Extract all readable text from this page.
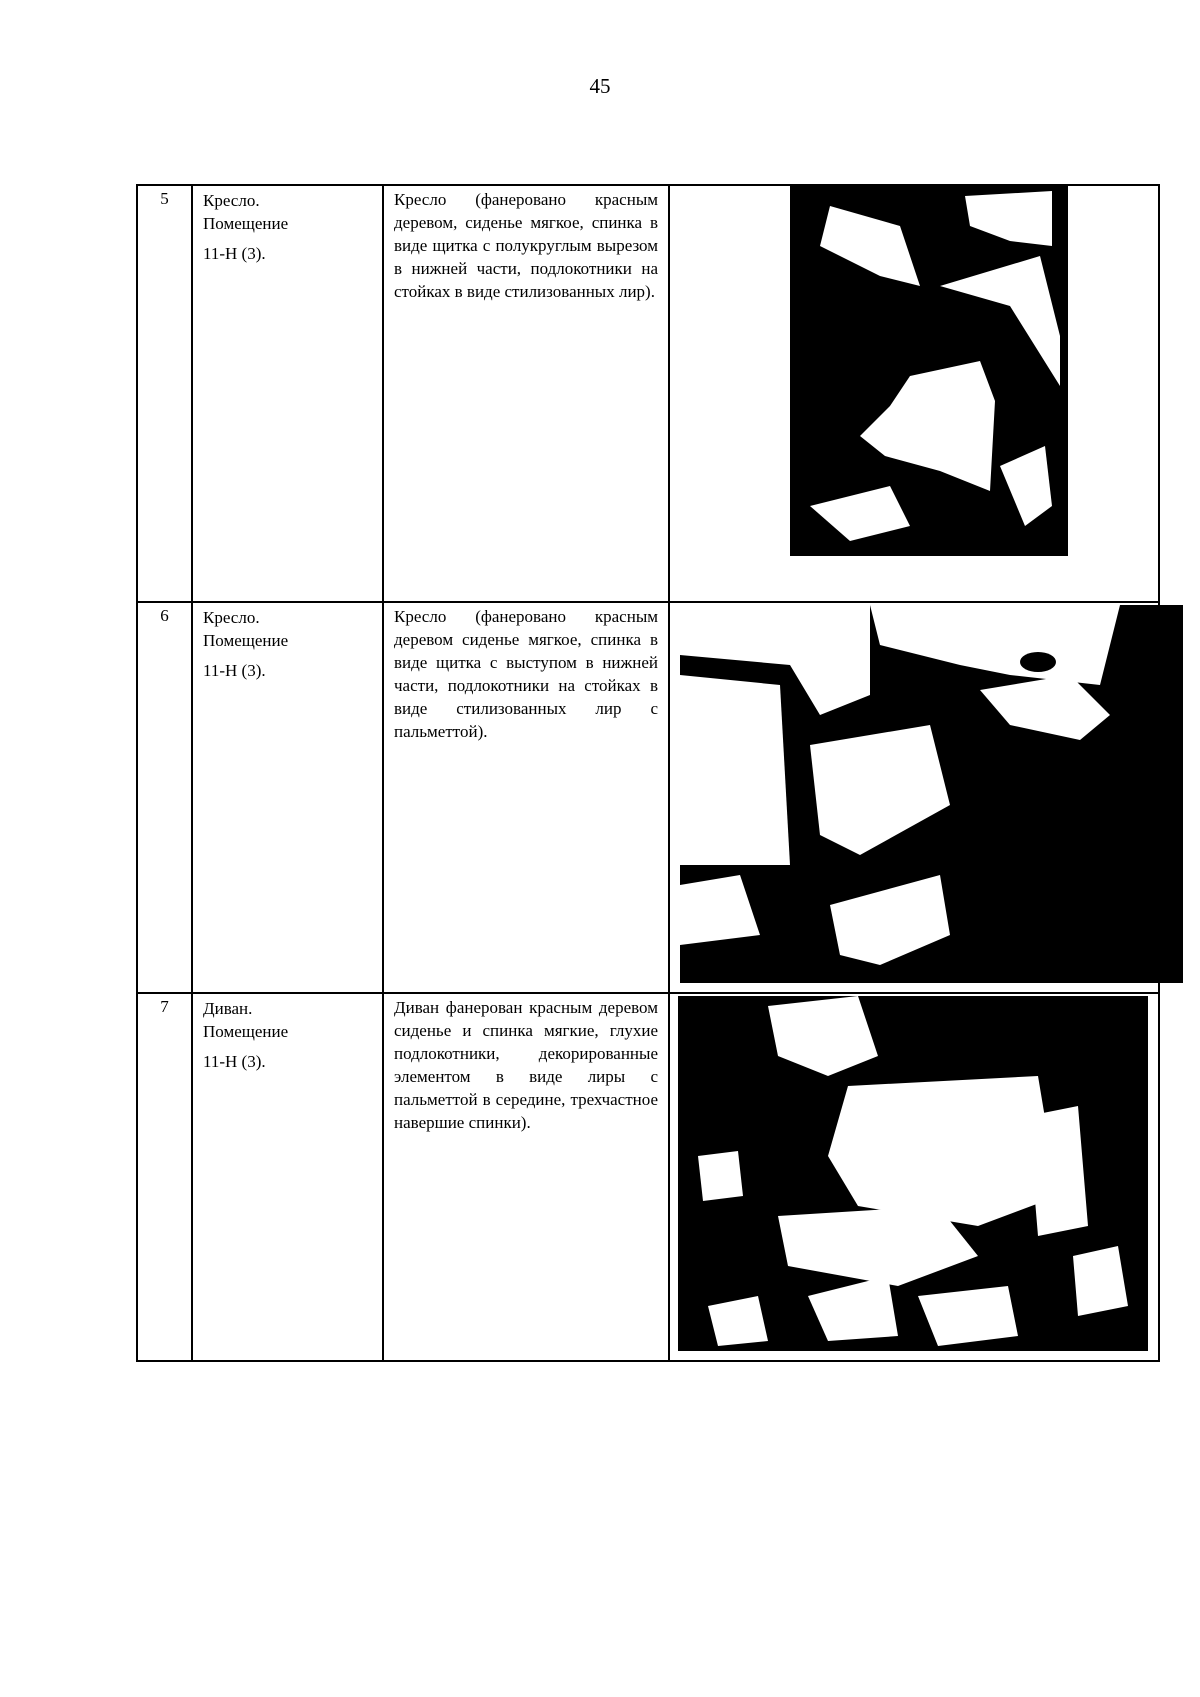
45
5	Кресло.
Помещение
11-Н (3).	Кресло (фанеровано красным деревом, сиденье мягкое, спинка в виде щитка с полукруглым вырезом в нижней части, подлокотники на стойках в виде стилизованных лир).

6	Кресло.
Помещение
11-Н (3).	Кресло (фанеровано красным деревом сиденье мягкое, спинка в виде щитка с выступом в нижней части, подлокотники на стойках в виде стилизованных лир с пальметтой).

7	Диван.
Помещение
11-Н (3).	Диван фанерован красным деревом сиденье и спинка мягкие, глухие подлокотники, декорированные элементом в виде лиры с пальметтой в середине, трехчастное навершие спинки).
